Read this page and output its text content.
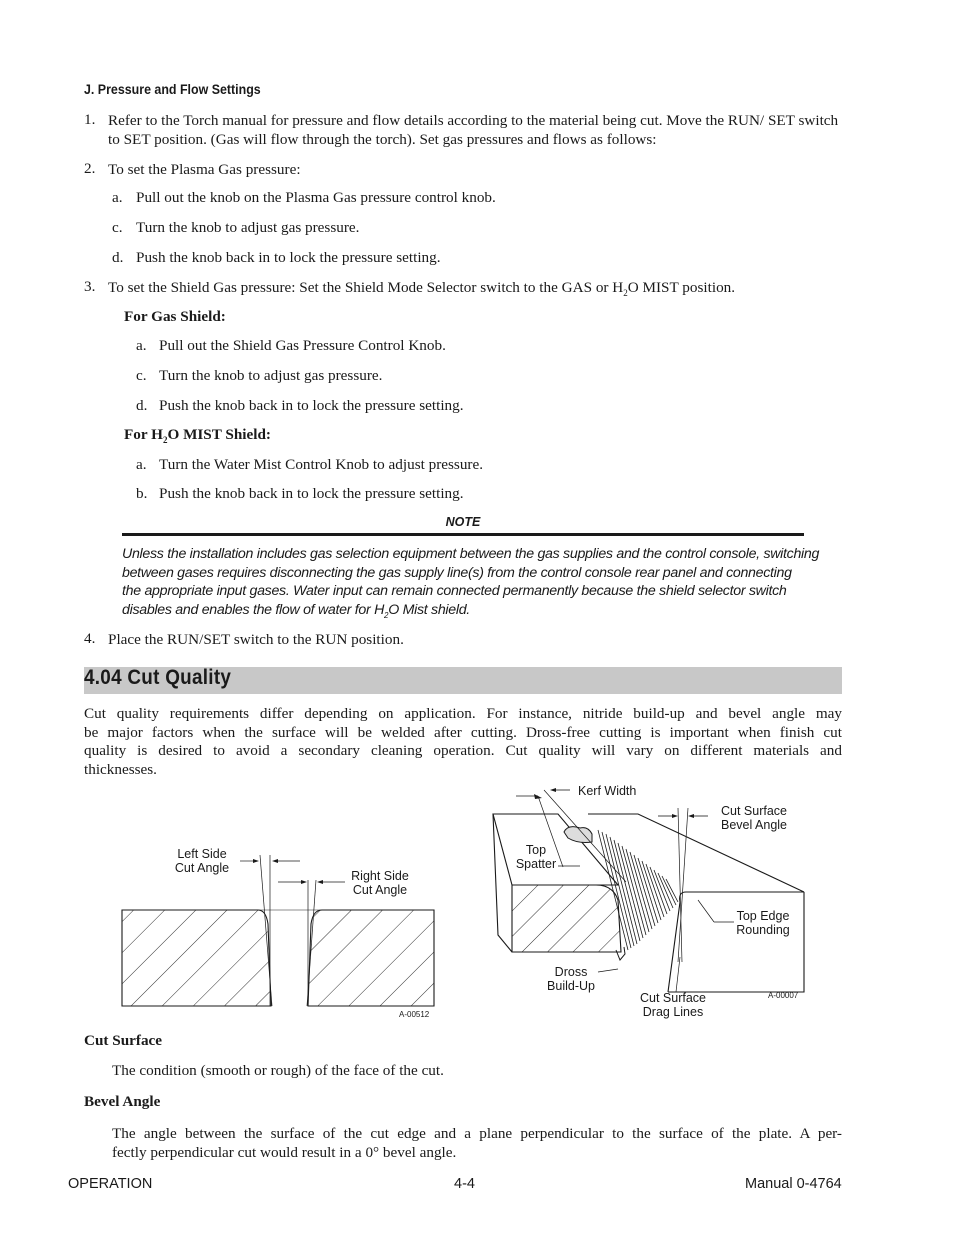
J. Pressure and Flow Settings
1. Refer to the Torch manual for pressure and flow details according to the material being cut. Move the RUN/ SET switch to SET position. (Gas will flow through the torch). Set gas pressures and flows as follows:
2. To set the Plasma Gas pressure:
a. Pull out the knob on the Plasma Gas pressure control knob.
c. Turn the knob to adjust gas pressure.
d. Push the knob back in to lock the pressure setting.
3. To set the Shield Gas pressure: Set the Shield Mode Selector switch to the GAS or $H_2O$ MIST position.
For Gas Shield:
a. Pull out the Shield Gas Pressure Control Knob.
c. Turn the knob to adjust gas pressure.
d. Push the knob back in to lock the pressure setting.
For $H_2O$ MIST Shield:
a. Turn the Water Mist Control Knob to adjust pressure.
b. Push the knob back in to lock the pressure setting.
NOTE
Unless the installation includes gas selection equipment between the gas supplies and the control console, switching
between gases requires disconnecting the gas supply line(s) from the control console rear panel and connecting
the appropriate input gases. Water input can remain connected permanently because the shield selector switch
disables and enables the flow of water for $H_2O$ Mist shield.
4. Place the RUN/SET switch to the RUN position.
4.04 Cut Quality
Cut quality requirements differ depending on application. For instance, nitride build-up and bevel angle may
be major factors when the surface will be welded after cutting. Dross-free cutting is important when finish cut
quality is desired to avoid a secondary cleaning operation. Cut quality will vary on different materials and
thicknesses.
Left Side
Cut Angle
Right Side
Cut Angle
A-00512
Kerf Width
Cut Surface
Bevel Angle
Top
Spatter
Top Edge
Rounding
Dross
Build-Up
Cut Surface
Drag Lines
A-00007
Cut Surface
The condition (smooth or rough) of the face of the cut.
Bevel Angle
The angle between the surface of the cut edge and a plane perpendicular to the surface of the plate. A per-
fectly perpendicular cut would result in a 0° bevel angle.
OPERATION	4-4	Manual 0-4764
